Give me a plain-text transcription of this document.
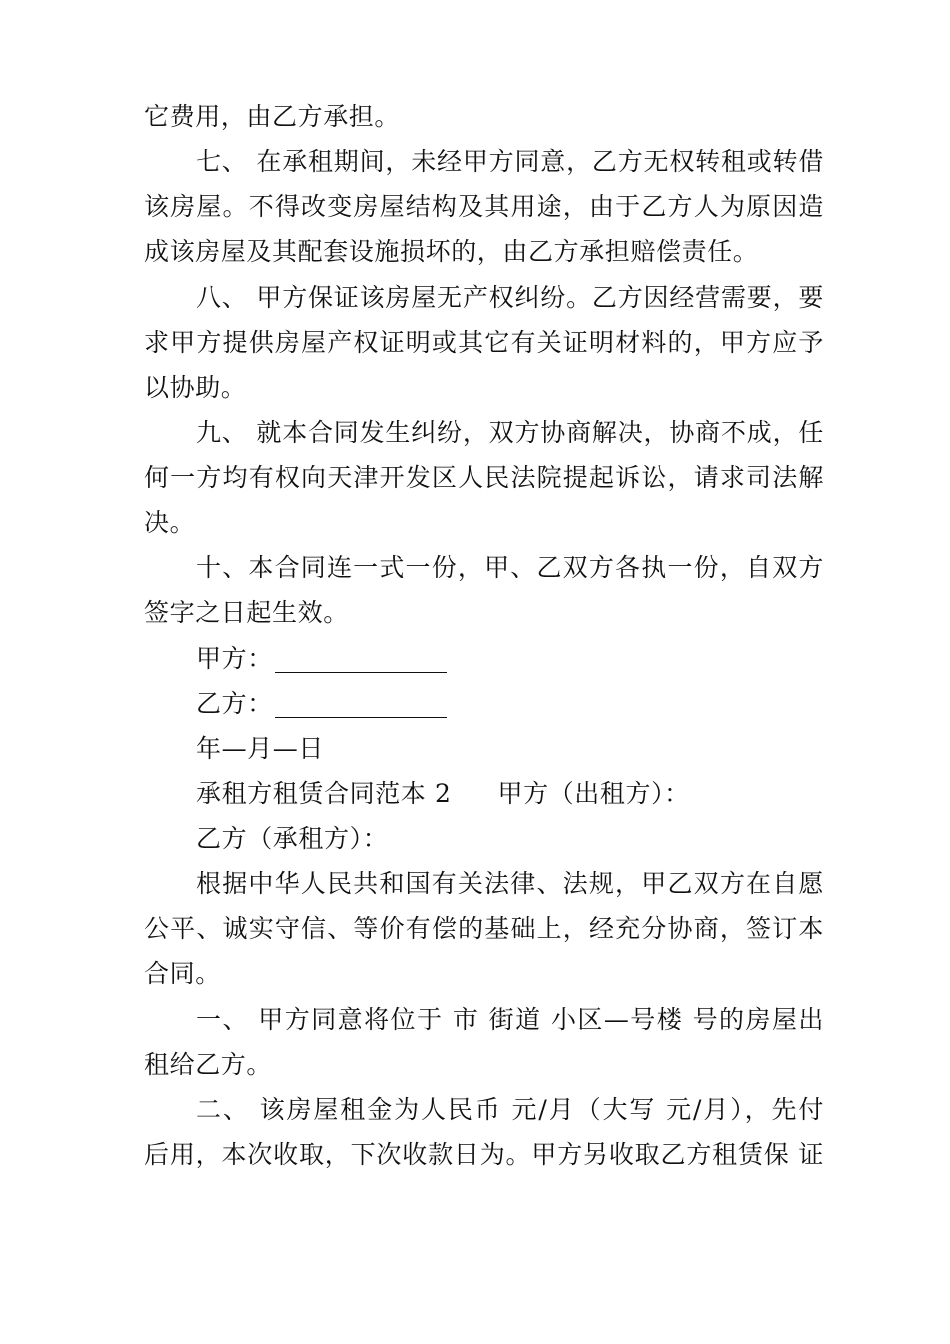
它费用，由乙方承担。
七、 在承租期间，未经甲方同意，乙方无权转租或转借
该房屋。不得改变房屋结构及其用途，由于乙方人为原因造
成该房屋及其配套设施损坏的，由乙方承担赔偿责任。
八、 甲方保证该房屋无产权纠纷。乙方因经营需要，要
求甲方提供房屋产权证明或其它有关证明材料的，甲方应予
以协助。
九、 就本合同发生纠纷，双方协商解决，协商不成，任
何一方均有权向天津开发区人民法院提起诉讼，请求司法解
决。
十、本合同连一式一份，甲、乙双方各执一份，自双方
签字之日起生效。
甲方：
乙方：
年—月—日
承租方租赁合同范本 2 甲方（出租方）：
乙方（承租方）：
根据中华人民共和国有关法律、法规，甲乙双方在自愿
公平、诚实守信、等价有偿的基础上，经充分协商，签订本
合同。
一、 甲方同意将位于 市 街道 小区—号楼 号的房屋出
租给乙方。
二、 该房屋租金为人民币 元/月（大写 元/月），先付
后用，本次收取，下次收款日为。甲方另收取乙方租赁保 证
